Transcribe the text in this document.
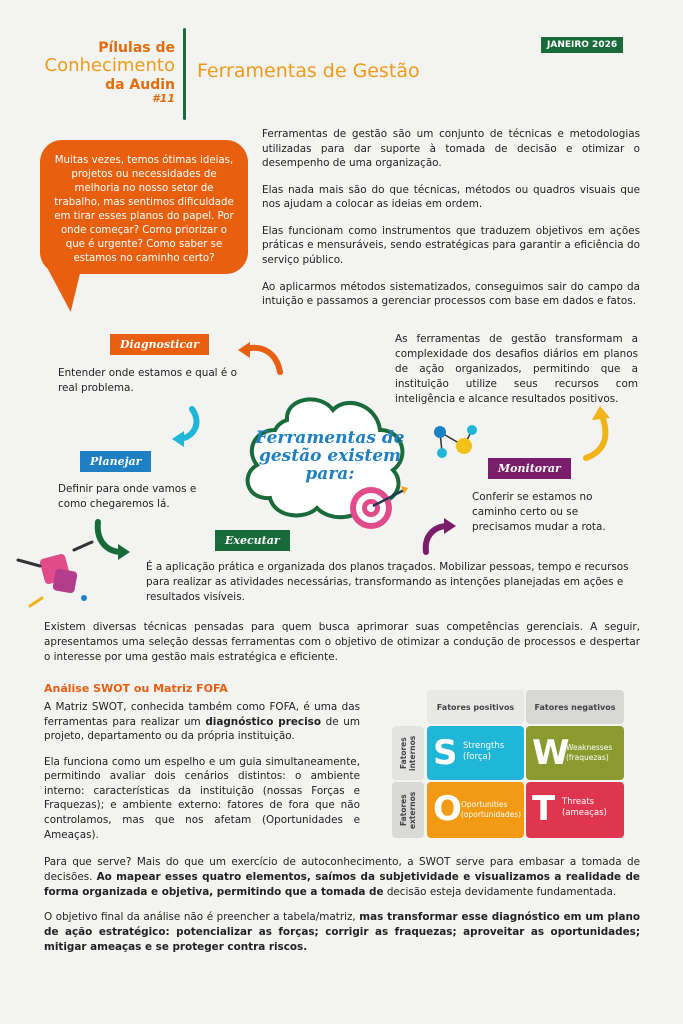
Pílulas de
Conhecimento
da Audin
#11
Ferramentas de Gestão
JANEIRO 2026
Muitas vezes, temos ótimas ideias, projetos ou necessidades de melhoria no nosso setor de trabalho, mas sentimos dificuldade em tirar esses planos do papel. Por onde começar? Como priorizar o que é urgente? Como saber se estamos no caminho certo?

Ferramentas de gestão são um conjunto de técnicas e metodologias utilizadas para dar suporte à tomada de decisão e otimizar o desempenho de uma organização.

Elas nada mais são do que técnicas, métodos ou quadros visuais que nos ajudam a colocar as ideias em ordem.

Elas funcionam como instrumentos que traduzem objetivos em ações práticas e mensuráveis, sendo estratégicas para garantir a eficiência do serviço público.

Ao aplicarmos métodos sistematizados, conseguimos sair do campo da intuição e passamos a gerenciar processos com base em dados e fatos.

Diagnosticar
Entender onde estamos e qual é o real problema.
Planejar
Definir para onde vamos e como chegaremos lá.
Monitorar
Conferir se estamos no caminho certo ou se precisamos mudar a rota.
Executar
É a aplicação prática e organizada dos planos traçados. Mobilizar pessoas, tempo e recursos para realizar as atividades necessárias, transformando as intenções planejadas em ações e resultados visíveis.
As ferramentas de gestão transformam a complexidade dos desafios diários em planos de ação organizados, permitindo que a instituição utilize seus recursos com inteligência e alcance resultados positivos.
Ferramentas de gestão existem para:
Existem diversas técnicas pensadas para quem busca aprimorar suas competências gerenciais. A seguir, apresentamos uma seleção dessas ferramentas com o objetivo de otimizar a condução de processos e despertar o interesse por uma gestão mais estratégica e eficiente.
Análise SWOT ou Matriz FOFA

A Matriz SWOT, conhecida também como FOFA, é uma das ferramentas para realizar um diagnóstico preciso de um projeto, departamento ou da própria instituição.

Ela funciona como um espelho e um guia simultaneamente, permitindo avaliar dois cenários distintos: o ambiente interno: características da instituição (nossas Forças e Fraquezas); e ambiente externo: fatores de fora que não controlamos, mas que nos afetam (Oportunidades e Ameaças).

Fatores positivos	Fatores negativos
Fatores internos
Fatores externos
S Strengths
(força)	W
Weaknesses
(fraquezas)
O Oportunities
(oportunidades) T Threats
(ameaças)
Para que serve? Mais do que um exercício de autoconhecimento, a SWOT serve para embasar a tomada de decisões. Ao mapear esses quatro elementos, saímos da subjetividade e visualizamos a realidade de forma organizada e objetiva, permitindo que a tomada de decisão esteja devidamente fundamentada.
O objetivo final da análise não é preencher a tabela/matriz, mas transformar esse diagnóstico em um plano de ação estratégico: potencializar as forças; corrigir as fraquezas; aproveitar as oportunidades; mitigar ameaças e se proteger contra riscos.
